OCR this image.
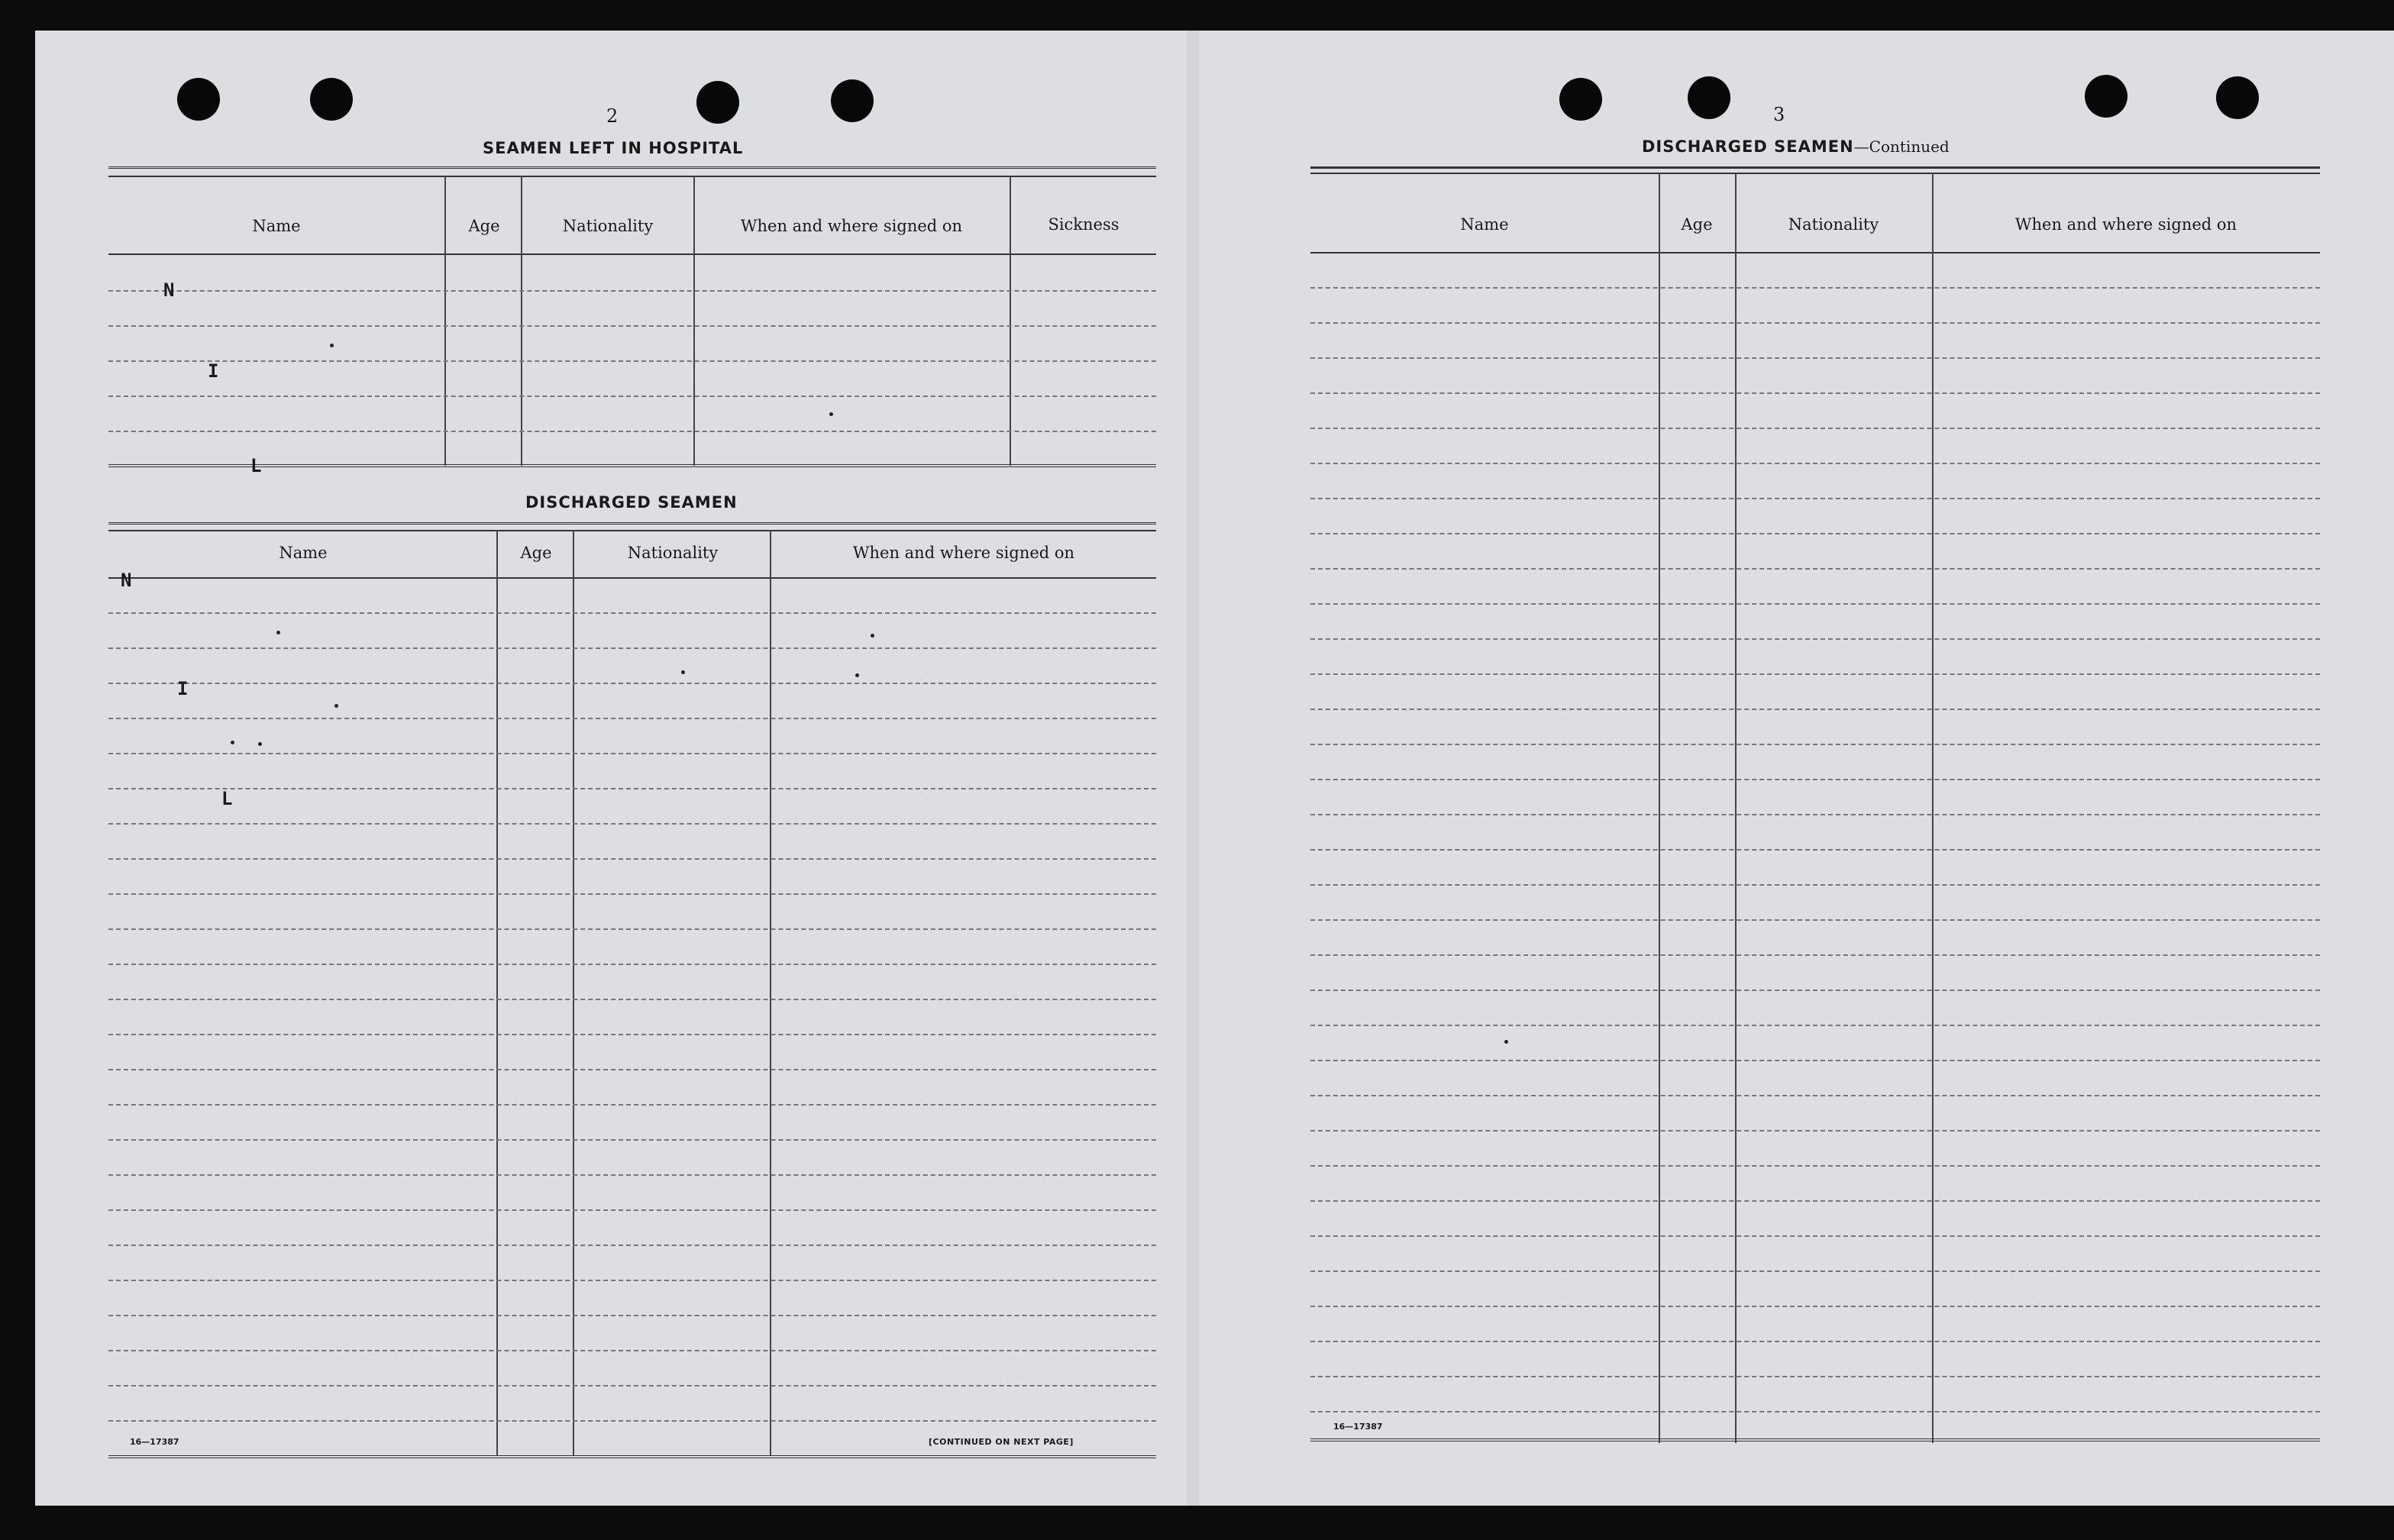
2
SEAMEN LEFT IN HOSPITAL
Name	Age	Nationality	When and where signed on	Sickness
N
I
L
DISCHARGED SEAMEN
Name	Age	Nationality	When and where signed on
N
I
L
16—17387	[CONTINUED ON NEXT PAGE]
3
DISCHARGED SEAMEN—Continued
Name	Age	Nationality	When and where signed on
16—17387
